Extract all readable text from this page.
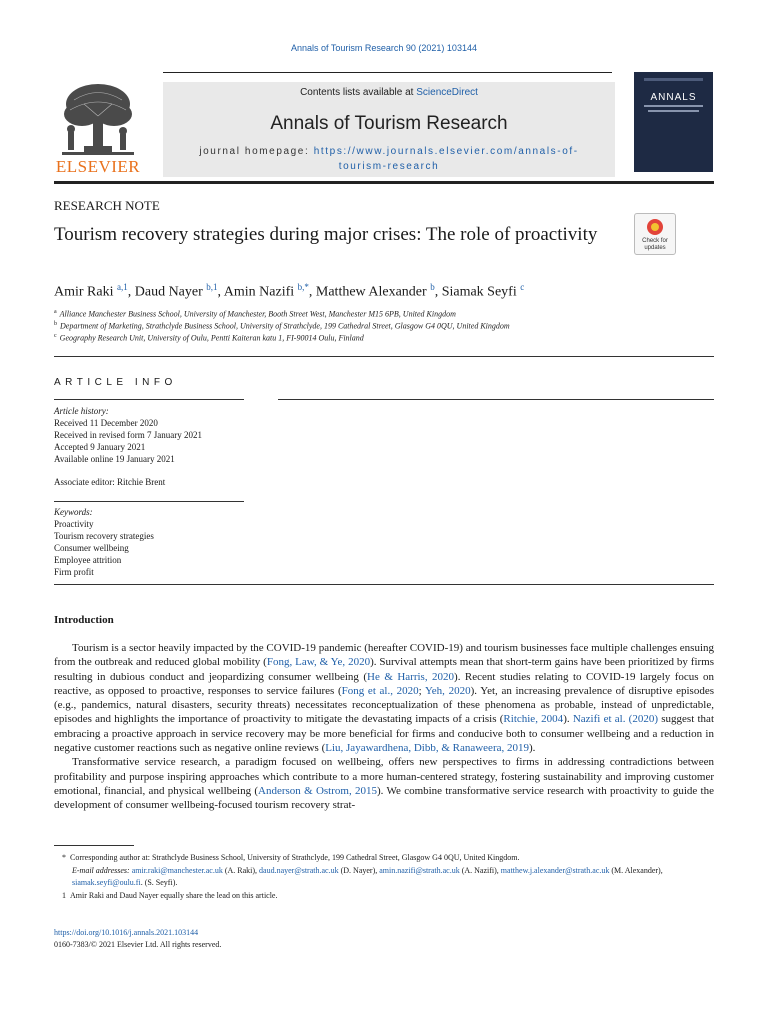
Annals of Tourism Research 90 (2021) 103144
ELSEVIER
Contents lists available at ScienceDirect
Annals of Tourism Research
journal homepage: https://www.journals.elsevier.com/annals-of-
tourism-research
ANNALS
RESEARCH NOTE
Tourism recovery strategies during major crises: The role of proactivity	Check for
updates
Amir Raki $^{a,1}$, Daud Nayer $^{b,1}$, Amin Nazifi $^{b,*}$, Matthew Alexander $^b$, Siamak Seyfi $^c$
$^a$ Alliance Manchester Business School, University of Manchester, Booth Street West, Manchester M15 6PB, United Kingdom
$^b$ Department of Marketing, Strathclyde Business School, University of Strathclyde, 199 Cathedral Street, Glasgow G4 0QU, United Kingdom
$^c$ Geography Research Unit, University of Oulu, Pentti Kaiteran katu 1, FI-90014 Oulu, Finland
ARTICLE INFO
Article history:
Received 11 December 2020
Received in revised form 7 January 2021
Accepted 9 January 2021
Available online 19 January 2021
Associate editor: Ritchie Brent
Keywords:
Proactivity
Tourism recovery strategies
Consumer wellbeing
Employee attrition
Firm profit
Introduction

Tourism is a sector heavily impacted by the COVID-19 pandemic (hereafter COVID-19) and tourism businesses face multiple challenges ensuing from the outbreak and reduced global mobility (Fong, Law, & Ye, 2020). Survival attempts mean that short-term gains have been prioritized by firms resulting in dubious conduct and jeopardizing consumer wellbeing (He & Harris, 2020). Recent studies relating to COVID-19 largely focus on reactive, as opposed to proactive, responses to service failures (Fong et al., 2020; Yeh, 2020). Yet, an increasing prevalence of disruptive episodes (e.g., pandemics, natural disasters, security threats) necessitates reconceptualization of these phenomena as probable, instead of unpredictable, episodes and highlights the importance of proactivity to mitigate the devastating impacts of a crisis (Ritchie, 2004). Nazifi et al. (2020) suggest that embracing a proactive approach in service recovery may be more beneficial for firms and conducive both to consumer wellbeing and a reduction in negative customer reactions such as negative online reviews (Liu, Jayawardhena, Dibb, & Ranaweera, 2019).

Transformative service research, a paradigm focused on wellbeing, offers new perspectives to firms in addressing contradictions between profitability and purpose inspiring approaches which contribute to a more human-centered strategy, fostering sustainability and improving customer emotional, financial, and physical wellbeing (Anderson & Ostrom, 2015). We combine transformative service research with proactivity to guide the development of consumer wellbeing-focused tourism recovery strat-

*  Corresponding author at: Strathclyde Business School, University of Strathclyde, 199 Cathedral Street, Glasgow G4 0QU, United Kingdom.

E-mail addresses: amir.raki@manchester.ac.uk (A. Raki), daud.nayer@strath.ac.uk (D. Nayer), amin.nazifi@strath.ac.uk (A. Nazifi), matthew.j.alexander@strath.ac.uk (M. Alexander), siamak.seyfi@oulu.fi. (S. Seyfi).

1  Amir Raki and Daud Nayer equally share the lead on this article.

https://doi.org/10.1016/j.annals.2021.103144
0160-7383/© 2021 Elsevier Ltd. All rights reserved.
